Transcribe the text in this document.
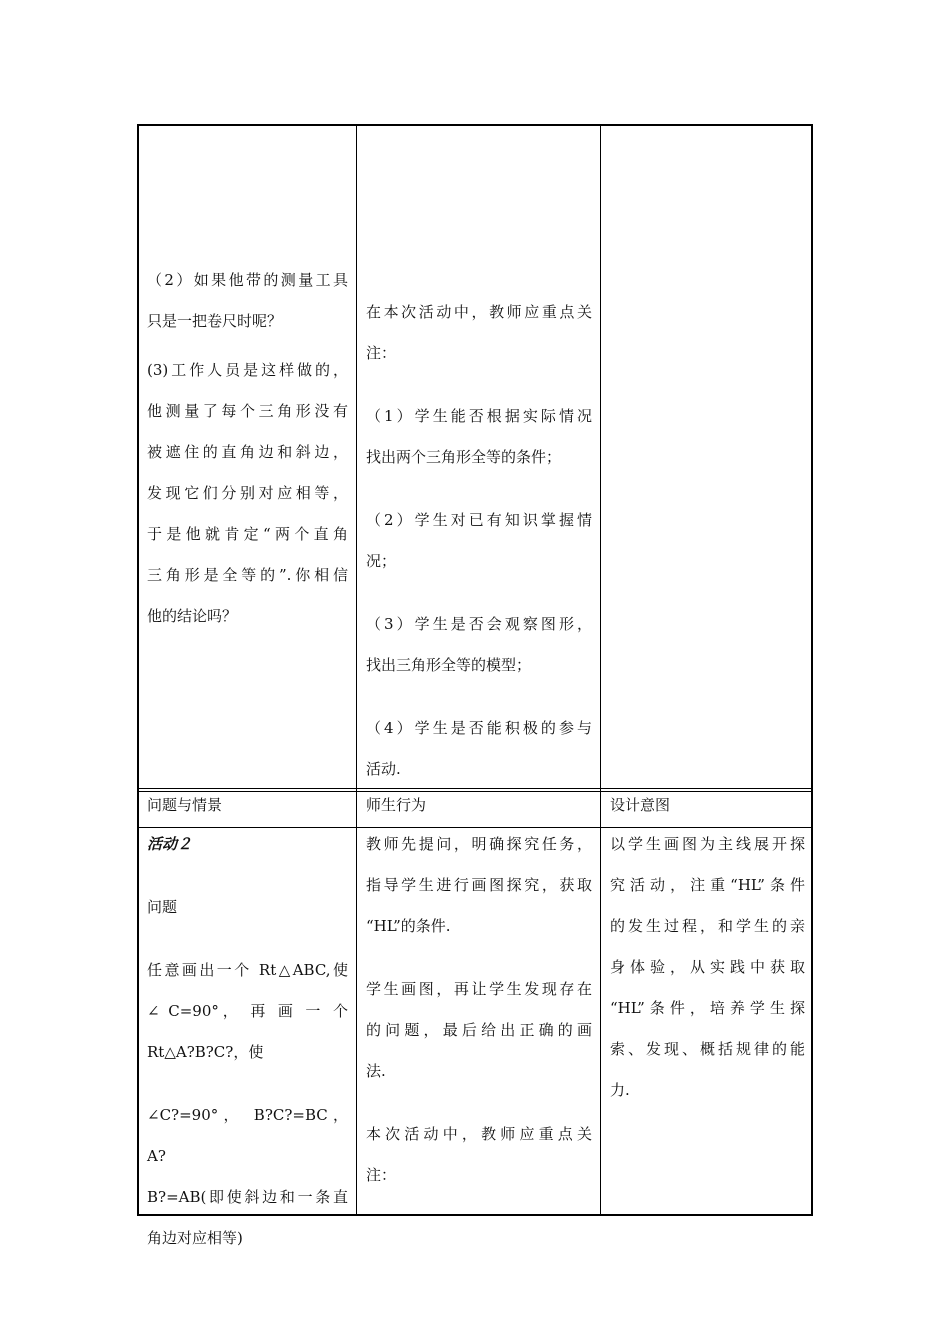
（2）如果他带的测量工具

只是一把卷尺时呢？

(3)工作人员是这样做的，

他测量了每个三角形没有

被遮住的直角边和斜边，

发现它们分别对应相等，

于是他就肯定“两个直角

三角形是全等的”.你相信

他的结论吗？

在本次活动中，教师应重点关

注：

（1）学生能否根据实际情况

找出两个三角形全等的条件；

（2）学生对已有知识掌握情

况；

（3）学生是否会观察图形，

找出三角形全等的模型；

（4）学生是否能积极的参与

活动.

问题与情景	师生行为	设计意图

活动２

问题

任意画出一个 Rt△ABC,使

∠ C=90°， 再 画 一 个

Rt△A?B?C?，使

∠C?=90°， B?C?=BC， A?

B?=AB(即使斜边和一条直

角边对应相等)

教师先提问，明确探究任务，

指导学生进行画图探究，获取

“HL”的条件.

学生画图，再让学生发现存在

的问题，最后给出正确的画

法.

本次活动中，教师应重点关

注：

以学生画图为主线展开探

究活动，注重“HL”条件

的发生过程，和学生的亲

身体验，从实践中获取

“HL”条件，培养学生探

索、发现、概括规律的能

力.
